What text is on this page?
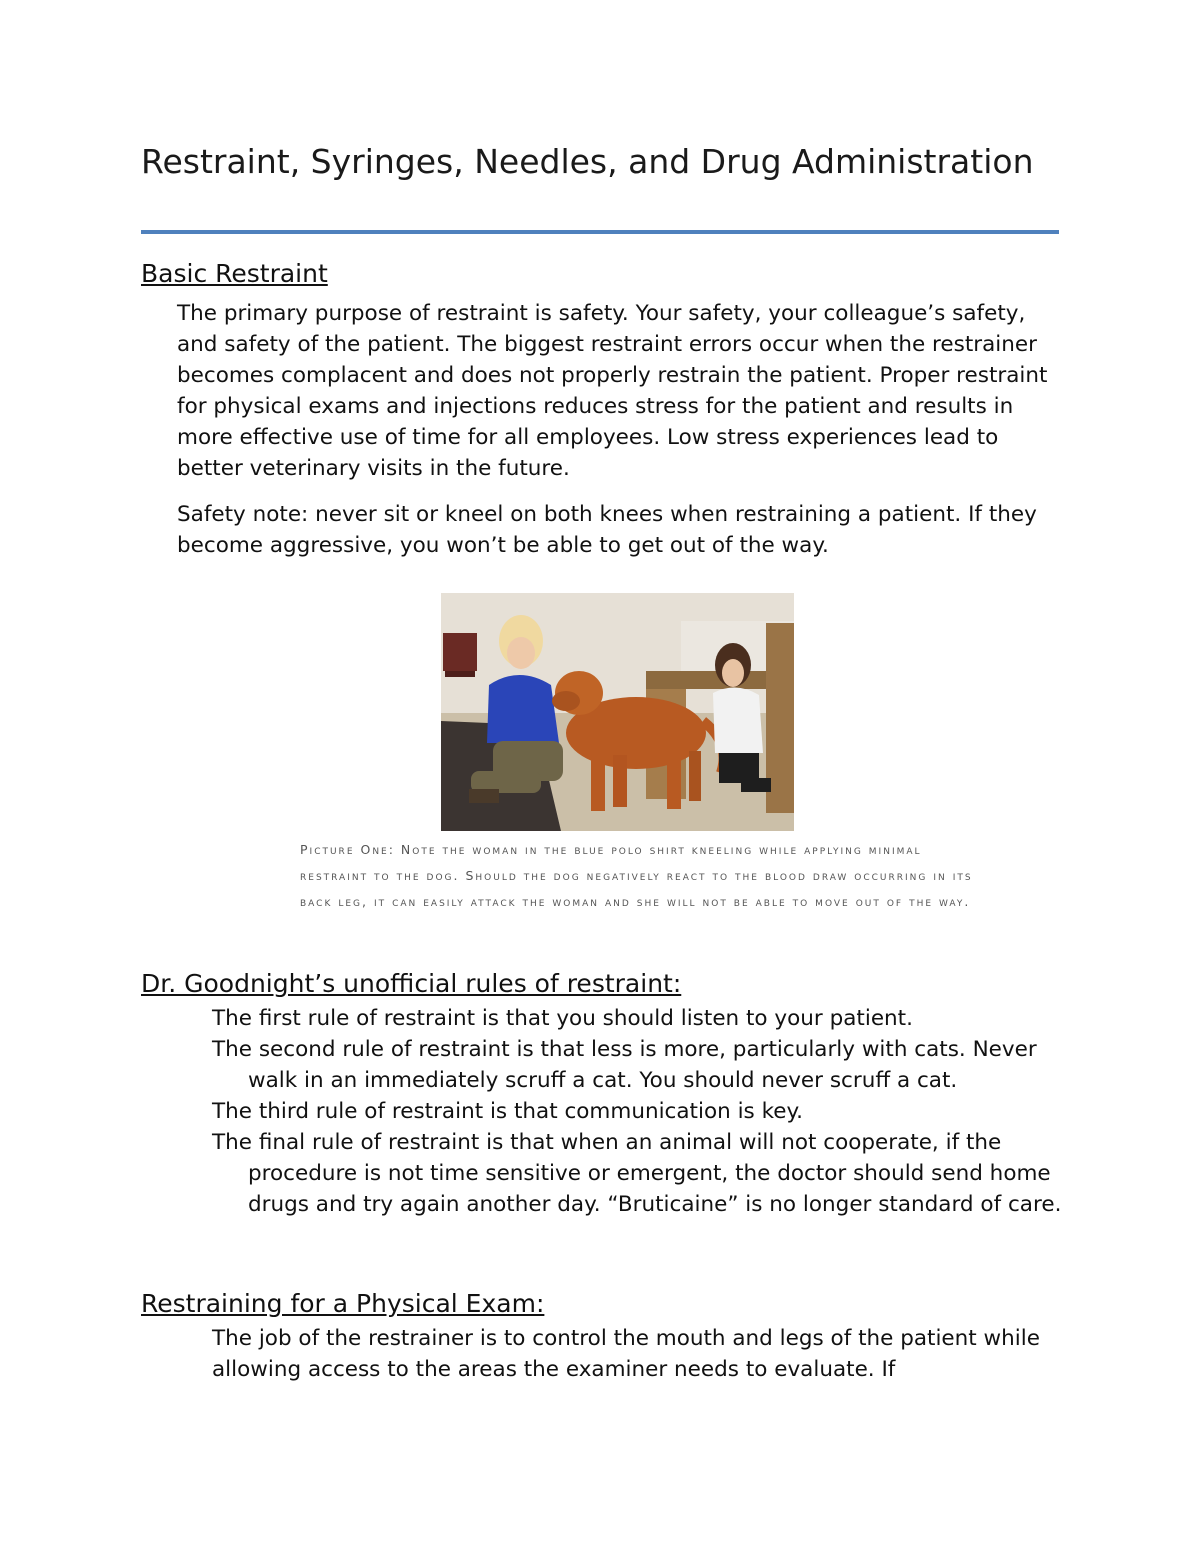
Restraint, Syringes, Needles, and Drug Administration
Basic Restraint

The primary purpose of restraint is safety. Your safety, your colleague’s safety, and safety of the patient. The biggest restraint errors occur when the restrainer becomes complacent and does not properly restrain the patient. Proper restraint for physical exams and injections reduces stress for the patient and results in more effective use of time for all employees. Low stress experiences lead to better veterinary visits in the future.

Safety note: never sit or kneel on both knees when restraining a patient. If they become aggressive, you won’t be able to get out of the way.

Picture One: Note the woman in the blue polo shirt kneeling while applying minimal restraint to the dog. Should the dog negatively react to the blood draw occurring in its back leg, it can easily attack the woman and she will not be able to move out of the way.

Dr. Goodnight’s unofficial rules of restraint:
The first rule of restraint is that you should listen to your patient.
The second rule of restraint is that less is more, particularly with cats. Never walk in an immediately scruff a cat. You should never scruff a cat.
The third rule of restraint is that communication is key.
The final rule of restraint is that when an animal will not cooperate, if the procedure is not time sensitive or emergent, the doctor should send home drugs and try again another day. “Bruticaine” is no longer standard of care.
Restraining for a Physical Exam:

The job of the restrainer is to control the mouth and legs of the patient while allowing access to the areas the examiner needs to evaluate. If
